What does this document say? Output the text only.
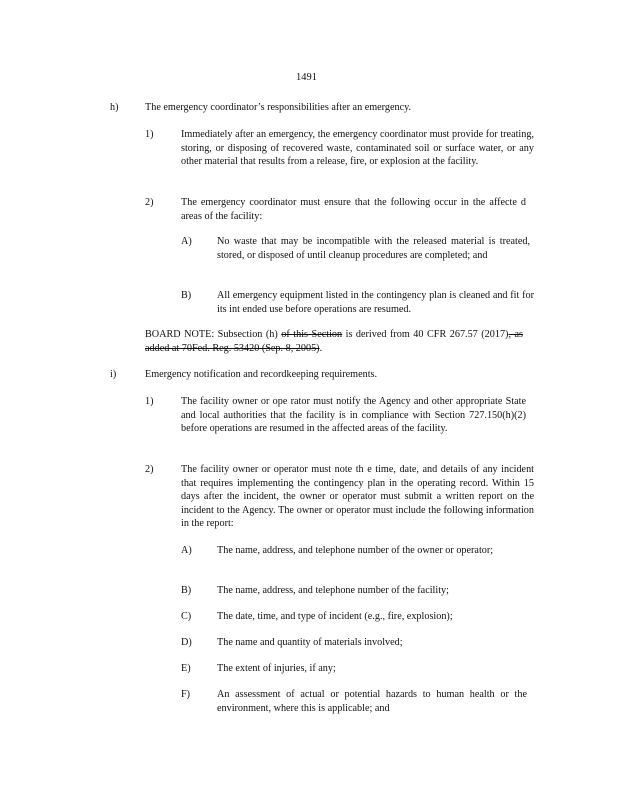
1491
h)	The emergency coordinator’s responsibilities after an emergency.
1)	Immediately after an emergency, the emergency coordinator must provide for treating, storing, or disposing of recovered waste, contaminated soil or surface water, or any other material that results from a release, fire, or explosion at the facility.
2)	The emergency coordinator must ensure that the following occur in the affecte d areas of the facility:
A) No waste that may be incompatible with the released material is treated, stored, or disposed of until cleanup procedures are completed; and
B)	All emergency equipment listed in the contingency plan is cleaned and fit for its int ended use before operations are resumed.
BOARD NOTE: Subsection (h) of this Section is derived from 40 CFR 267.57 (2017), as added at 70Fed. Reg. 53420 (Sep. 8, 2005).
i)	Emergency notification and recordkeeping requirements.
1)	The facility owner or ope rator must notify the Agency and other appropriate State and local authorities that the facility is in compliance with Section 727.150(h)(2) before operations are resumed in the affected areas of the facility.
2)	The facility owner or operator must note th e time, date, and details of any incident that requires implementing the contingency plan in the operating record. Within 15 days after the incident, the owner or operator must submit a written report on the incident to the Agency. The owner or operator must include the following information in the report:
A) The name, address, and telephone number of the owner or operator;
B)	The name, address, and telephone number of the facility;
C)	The date, time, and type of incident (e.g., fire, explosion);
D) The name and quantity of materials involved;
E)	The extent of injuries, if any;
F)	An assessment of actual or potential hazards to human health or the environment, where this is applicable; and
